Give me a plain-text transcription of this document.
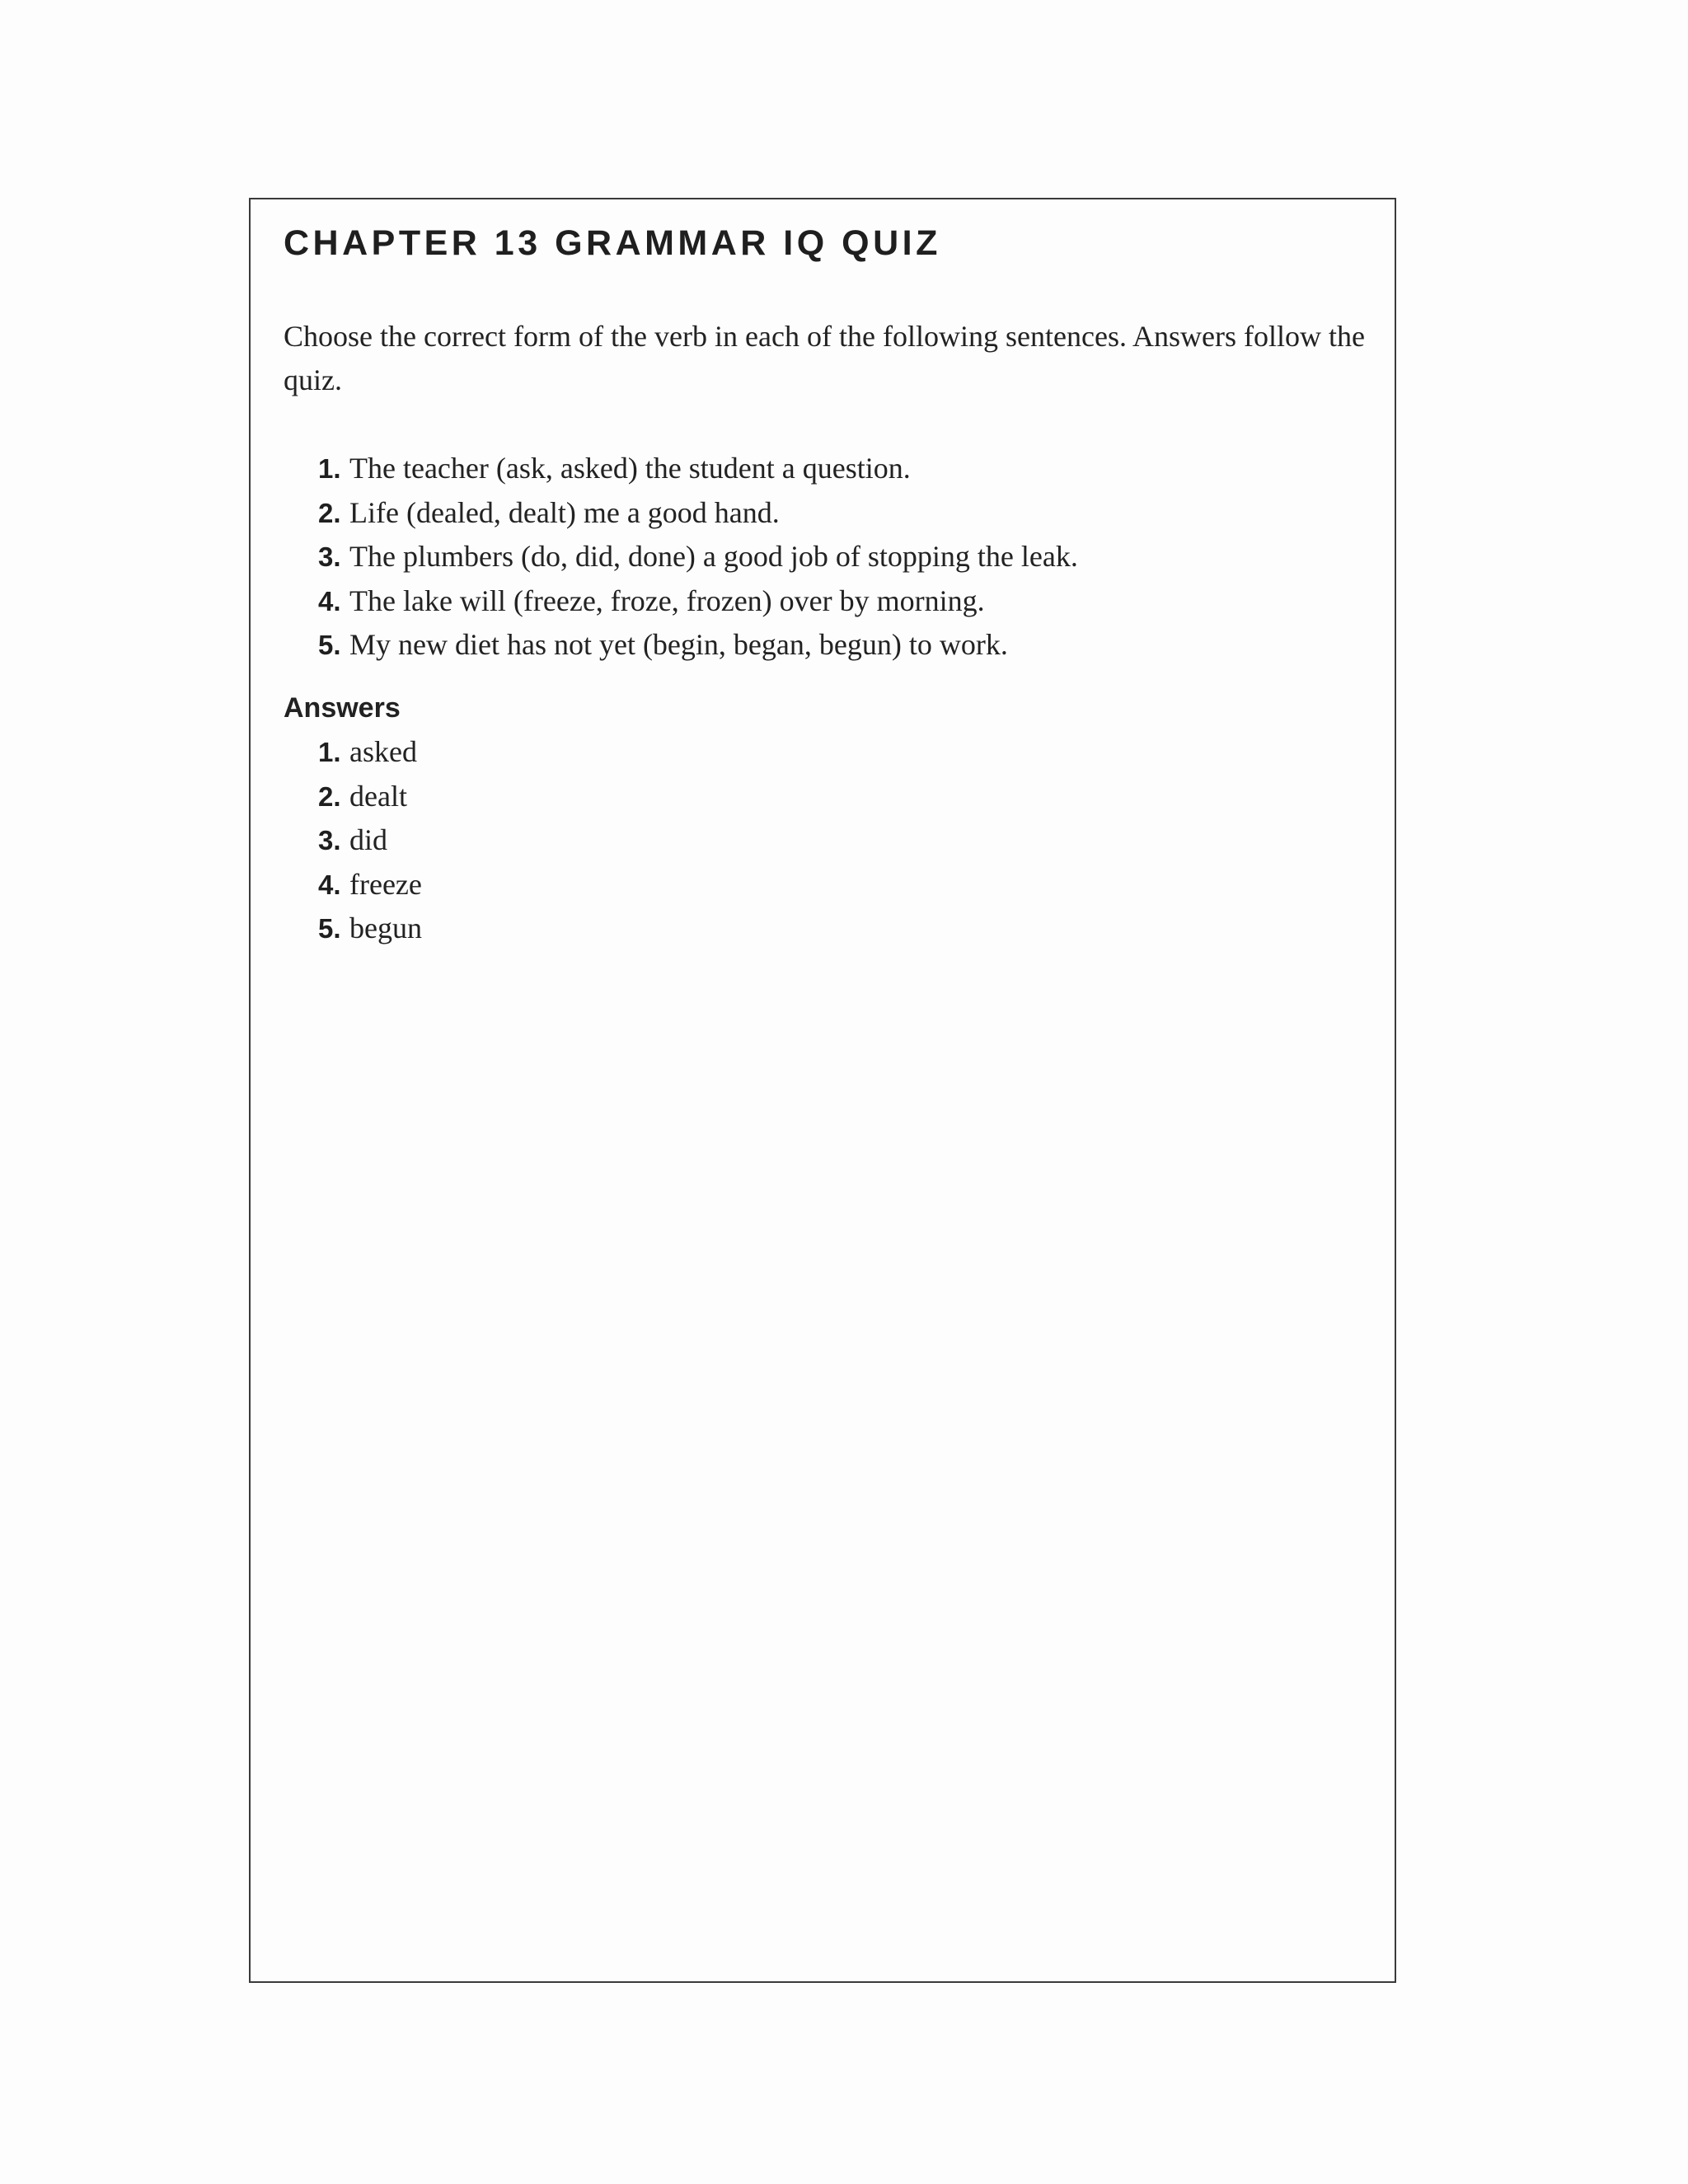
CHAPTER 13 GRAMMAR IQ QUIZ

Choose the correct form of the verb in each of the following sentences. Answers follow the quiz.

1. The teacher (ask, asked) the student a question.
2. Life (dealed, dealt) me a good hand.
3. The plumbers (do, did, done) a good job of stopping the leak.
4. The lake will (freeze, froze, frozen) over by morning.
5. My new diet has not yet (begin, began, begun) to work.
Answers
1. asked
2. dealt
3. did
4. freeze
5. begun
